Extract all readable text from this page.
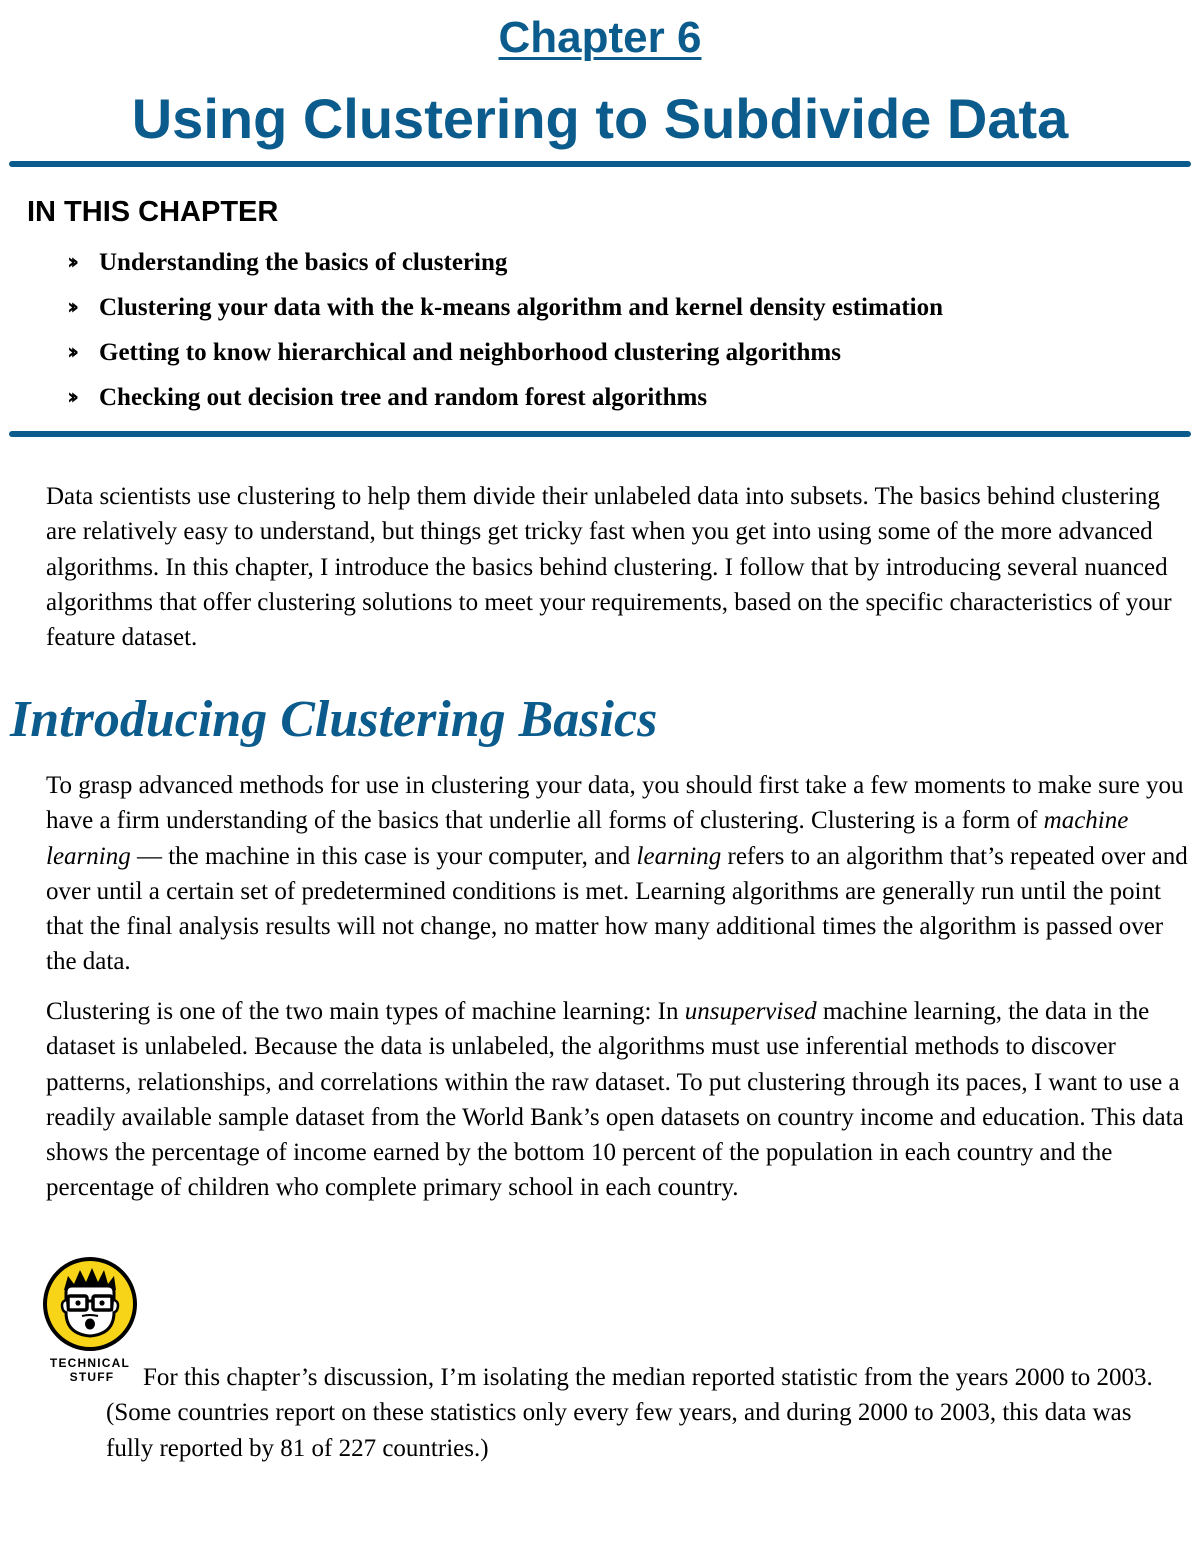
Chapter 6
Using Clustering to Subdivide Data
IN THIS CHAPTER
››	Understanding the basics of clustering
››	Clustering your data with the k-means algorithm and kernel density estimation
››	Getting to know hierarchical and neighborhood clustering algorithms
››	Checking out decision tree and random forest algorithms

Data scientists use clustering to help them divide their unlabeled data into subsets. The basics behind clustering are relatively easy to understand, but things get tricky fast when you get into using some of the more advanced algorithms. In this chapter, I introduce the basics behind clustering. I follow that by introducing several nuanced algorithms that offer clustering solutions to meet your requirements, based on the specific characteristics of your feature dataset.

Introducing Clustering Basics

To grasp advanced methods for use in clustering your data, you should first take a few moments to make sure you have a firm understanding of the basics that underlie all forms of clustering. Clustering is a form of machine learning — the machine in this case is your computer, and learning refers to an algorithm that’s repeated over and over until a certain set of predetermined conditions is met. Learning algorithms are generally run until the point that the final analysis results will not change, no matter how many additional times the algorithm is passed over the data.

Clustering is one of the two main types of machine learning: In unsupervised machine learning, the data in the dataset is unlabeled. Because the data is unlabeled, the algorithms must use inferential methods to discover patterns, relationships, and correlations within the raw dataset. To put clustering through its paces, I want to use a readily available sample dataset from the World Bank’s open datasets on country income and education. This data shows the percentage of income earned by the bottom 10 percent of the population in each country and the percentage of children who complete primary school in each country.

TECHNICAL
STUFF	For this chapter’s discussion, I’m isolating the median reported statistic from the years 2000 to 2003. (Some countries report on these statistics only every few years, and during 2000 to 2003, this data was fully reported by 81 of 227 countries.)
